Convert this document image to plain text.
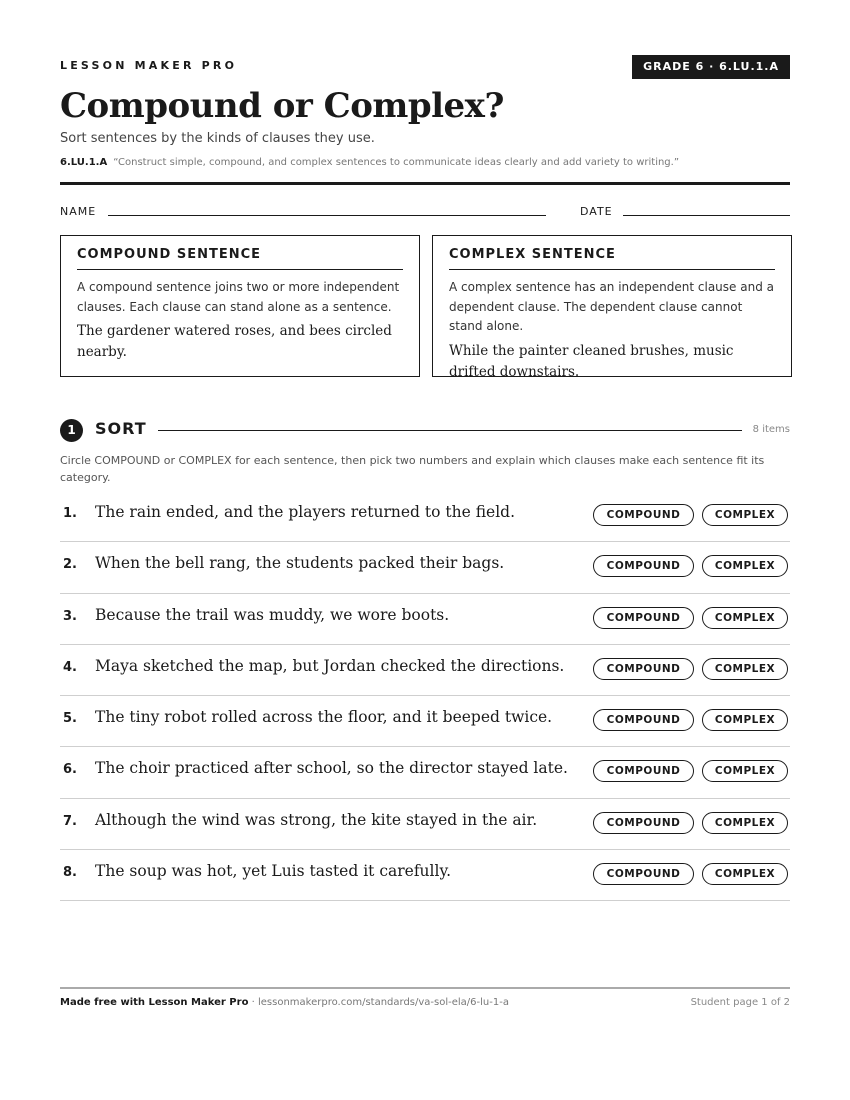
LESSON MAKER PRO	GRADE 6 · 6.LU.1.A
Compound or Complex?
Sort sentences by the kinds of clauses they use.
6.LU.1.A “Construct simple, compound, and complex sentences to communicate ideas clearly and add variety to writing.”
NAME	DATE
COMPOUND SENTENCE
A compound sentence joins two or more independent clauses. Each clause can stand alone as a sentence.
The gardener watered roses, and bees circled nearby.
COMPLEX SENTENCE
A complex sentence has an independent clause and a dependent clause. The dependent clause cannot stand alone.
While the painter cleaned brushes, music drifted downstairs.
1	SORT	8 items
Circle COMPOUND or COMPLEX for each sentence, then pick two numbers and explain which clauses make each sentence fit its category.
1. The rain ended, and the players returned to the field.	COMPOUND	COMPLEX
2. When the bell rang, the students packed their bags.	COMPOUND	COMPLEX
3. Because the trail was muddy, we wore boots.	COMPOUND	COMPLEX
4. Maya sketched the map, but Jordan checked the directions.	COMPOUND	COMPLEX
5. The tiny robot rolled across the floor, and it beeped twice.	COMPOUND	COMPLEX
6. The choir practiced after school, so the director stayed late.	COMPOUND	COMPLEX
7. Although the wind was strong, the kite stayed in the air.	COMPOUND	COMPLEX
8. The soup was hot, yet Luis tasted it carefully.	COMPOUND	COMPLEX
Made free with Lesson Maker Pro · lessonmakerpro.com/standards/va-sol-ela/6-lu-1-a	Student page 1 of 2
